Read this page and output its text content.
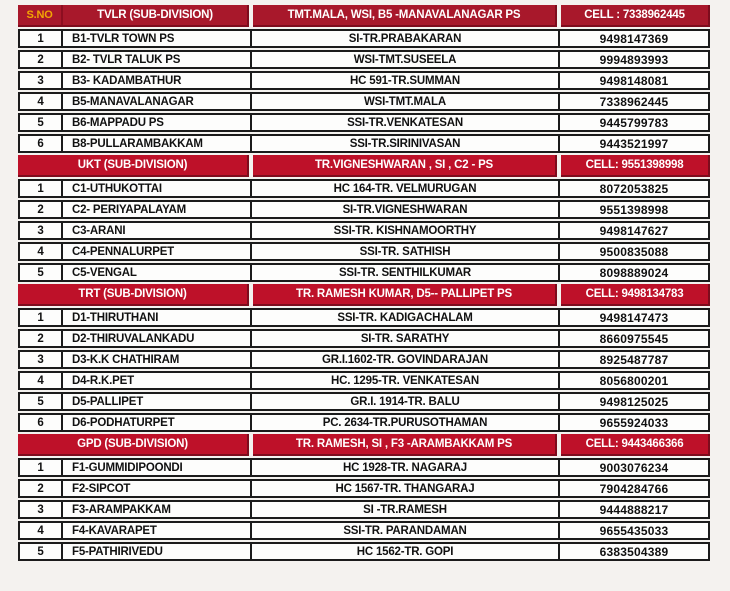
S.NO	TVLR (SUB-DIVISION)	TMT.MALA, WSI, B5 -MANAVALANAGAR PS	CELL : 7338962445
1	B1-TVLR TOWN PS	SI-TR.PRABAKARAN	9498147369
2	B2- TVLR TALUK PS	WSI-TMT.SUSEELA	9994893993
3	B3- KADAMBATHUR	HC 591-TR.SUMMAN	9498148081
4	B5-MANAVALANAGAR	WSI-TMT.MALA	7338962445
5	B6-MAPPADU PS	SSI-TR.VENKATESAN	9445799783
6	B8-PULLARAMBAKKAM	SSI-TR.SIRINIVASAN	9443521997
UKT (SUB-DIVISION)	TR.VIGNESHWARAN , SI , C2 - PS	CELL: 9551398998
1	C1-UTHUKOTTAI	HC 164-TR. VELMURUGAN	8072053825
2	C2- PERIYAPALAYAM	SI-TR.VIGNESHWARAN	9551398998
3	C3-ARANI	SSI-TR. KISHNAMOORTHY	9498147627
4	C4-PENNALURPET	SSI-TR. SATHISH	9500835088
5	C5-VENGAL	SSI-TR. SENTHILKUMAR	8098889024
TRT (SUB-DIVISION)	TR. RAMESH KUMAR, D5-- PALLIPET PS	CELL: 9498134783
1	D1-THIRUTHANI	SSI-TR. KADIGACHALAM	9498147473
2	D2-THIRUVALANKADU	SI-TR. SARATHY	8660975545
3	D3-K.K CHATHIRAM	GR.I.1602-TR. GOVINDARAJAN	8925487787
4	D4-R.K.PET	HC. 1295-TR. VENKATESAN	8056800201
5	D5-PALLIPET	GR.I. 1914-TR. BALU	9498125025
6	D6-PODHATURPET	PC. 2634-TR.PURUSOTHAMAN	9655924033
GPD (SUB-DIVISION)	TR. RAMESH, SI , F3 -ARAMBAKKAM PS	CELL: 9443466366
1	F1-GUMMIDIPOONDI	HC 1928-TR. NAGARAJ	9003076234
2	F2-SIPCOT	HC 1567-TR. THANGARAJ	7904284766
3	F3-ARAMPAKKAM	SI -TR.RAMESH	9444888217
4	F4-KAVARAPET	SSI-TR. PARANDAMAN	9655435033
5	F5-PATHIRIVEDU	HC 1562-TR. GOPI	6383504389
